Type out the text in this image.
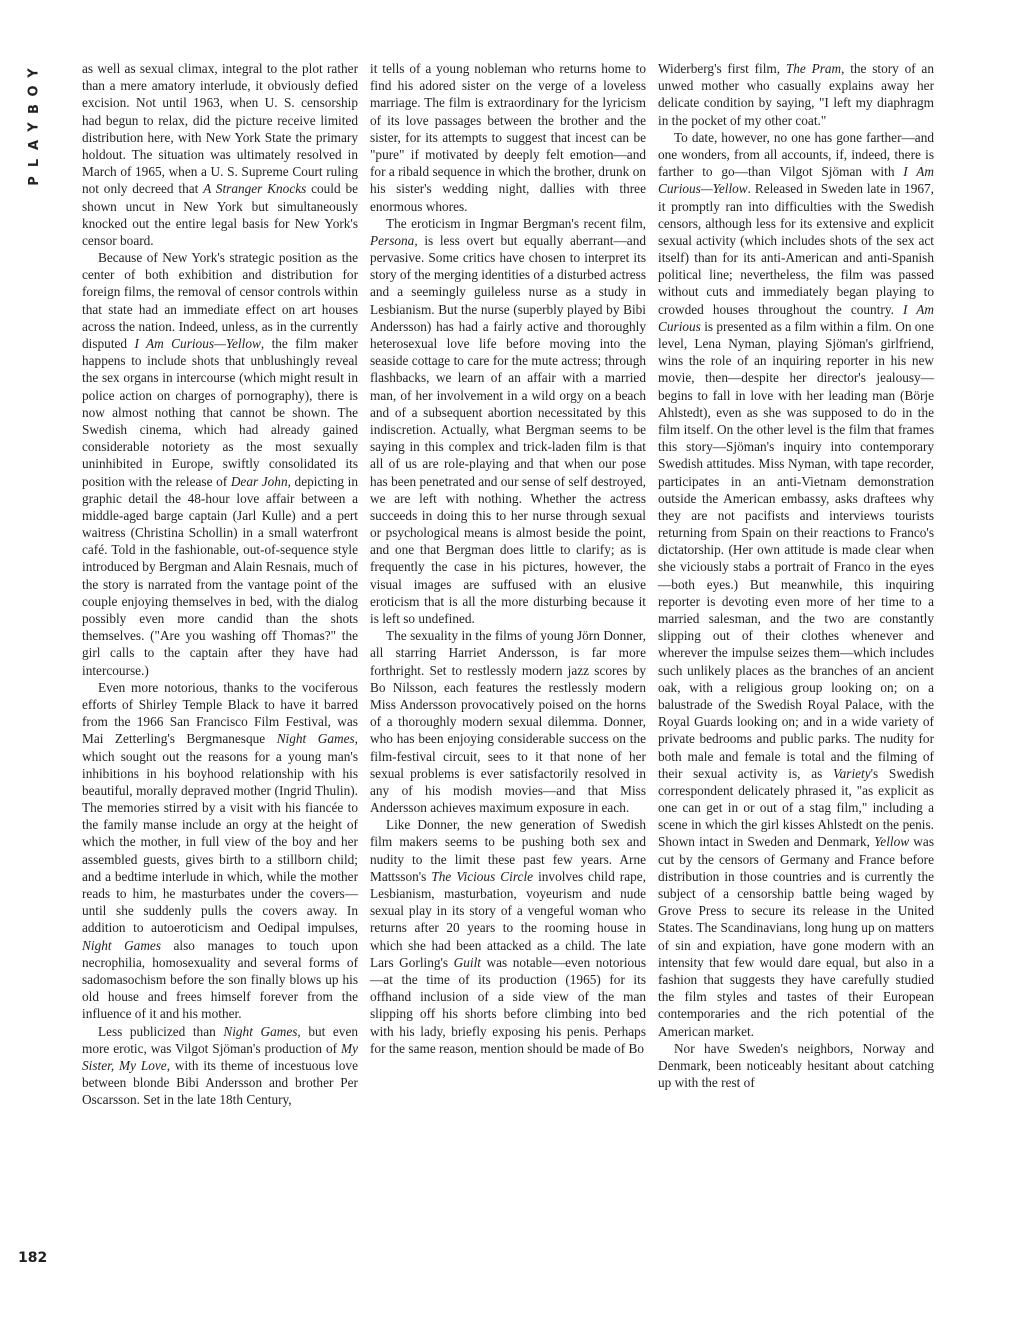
Y
O
B
Y
A
L
P
182

as well as sexual climax, integral to the plot rather than a mere amatory interlude, it obviously defied excision. Not until 1963, when U. S. censorship had begun to relax, did the picture receive limited distribution here, with New York State the primary holdout. The situation was ultimately resolved in March of 1965, when a U. S. Supreme Court ruling not only decreed that A Stranger Knocks could be shown uncut in New York but simultaneously knocked out the entire legal basis for New York's censor board.

Because of New York's strategic position as the center of both exhibition and distribution for foreign films, the removal of censor controls within that state had an immediate effect on art houses across the nation. Indeed, unless, as in the currently disputed I Am Curious—Yellow, the film maker happens to include shots that unblushingly reveal the sex organs in intercourse (which might result in police action on charges of pornography), there is now almost nothing that cannot be shown. The Swedish cinema, which had already gained considerable notoriety as the most sexually uninhibited in Europe, swiftly consolidated its position with the release of Dear John, depicting in graphic detail the 48-hour love affair between a middle-aged barge captain (Jarl Kulle) and a pert waitress (Christina Schollin) in a small waterfront café. Told in the fashionable, out-of-sequence style introduced by Bergman and Alain Resnais, much of the story is narrated from the vantage point of the couple enjoying themselves in bed, with the dialog possibly even more candid than the shots themselves. ("Are you washing off Thomas?" the girl calls to the captain after they have had intercourse.)

Even more notorious, thanks to the vociferous efforts of Shirley Temple Black to have it barred from the 1966 San Francisco Film Festival, was Mai Zetterling's Bergmanesque Night Games, which sought out the reasons for a young man's inhibitions in his boyhood relationship with his beautiful, morally depraved mother (Ingrid Thulin). The memories stirred by a visit with his fiancée to the family manse include an orgy at the height of which the mother, in full view of the boy and her assembled guests, gives birth to a stillborn child; and a bedtime interlude in which, while the mother reads to him, he masturbates under the covers—until she suddenly pulls the covers away. In addition to autoeroticism and Oedipal impulses, Night Games also manages to touch upon necrophilia, homosexuality and several forms of sadomasochism before the son finally blows up his old house and frees himself forever from the influence of it and his mother.

Less publicized than Night Games, but even more erotic, was Vilgot Sjöman's production of My Sister, My Love, with its theme of incestuous love between blonde Bibi Andersson and brother Per Oscarsson. Set in the late 18th Century,

it tells of a young nobleman who returns home to find his adored sister on the verge of a loveless marriage. The film is extraordinary for the lyricism of its love passages between the brother and the sister, for its attempts to suggest that incest can be "pure" if motivated by deeply felt emotion—and for a ribald sequence in which the brother, drunk on his sister's wedding night, dallies with three enormous whores.

The eroticism in Ingmar Bergman's recent film, Persona, is less overt but equally aberrant—and pervasive. Some critics have chosen to interpret its story of the merging identities of a disturbed actress and a seemingly guileless nurse as a study in Lesbianism. But the nurse (superbly played by Bibi Andersson) has had a fairly active and thoroughly heterosexual love life before moving into the seaside cottage to care for the mute actress; through flashbacks, we learn of an affair with a married man, of her involvement in a wild orgy on a beach and of a subsequent abortion necessitated by this indiscretion. Actually, what Bergman seems to be saying in this complex and trick-laden film is that all of us are role-playing and that when our pose has been penetrated and our sense of self destroyed, we are left with nothing. Whether the actress succeeds in doing this to her nurse through sexual or psychological means is almost beside the point, and one that Bergman does little to clarify; as is frequently the case in his pictures, however, the visual images are suffused with an elusive eroticism that is all the more disturbing because it is left so undefined.

The sexuality in the films of young Jörn Donner, all starring Harriet Andersson, is far more forthright. Set to restlessly modern jazz scores by Bo Nilsson, each features the restlessly modern Miss Andersson provocatively poised on the horns of a thoroughly modern sexual dilemma. Donner, who has been enjoying considerable success on the film-festival circuit, sees to it that none of her sexual problems is ever satisfactorily resolved in any of his modish movies—and that Miss Andersson achieves maximum exposure in each.

Like Donner, the new generation of Swedish film makers seems to be pushing both sex and nudity to the limit these past few years. Arne Mattsson's The Vicious Circle involves child rape, Lesbianism, masturbation, voyeurism and nude sexual play in its story of a vengeful woman who returns after 20 years to the rooming house in which she had been attacked as a child. The late Lars Gorling's Guilt was notable—even notorious—at the time of its production (1965) for its offhand inclusion of a side view of the man slipping off his shorts before climbing into bed with his lady, briefly exposing his penis. Perhaps for the same reason, mention should be made of Bo

Widerberg's first film, The Pram, the story of an unwed mother who casually explains away her delicate condition by saying, "I left my diaphragm in the pocket of my other coat."

To date, however, no one has gone farther—and one wonders, from all accounts, if, indeed, there is farther to go—than Vilgot Sjöman with I Am Curious—Yellow. Released in Sweden late in 1967, it promptly ran into difficulties with the Swedish censors, although less for its extensive and explicit sexual activity (which includes shots of the sex act itself) than for its anti-American and anti-Spanish political line; nevertheless, the film was passed without cuts and immediately began playing to crowded houses throughout the country. I Am Curious is presented as a film within a film. On one level, Lena Nyman, playing Sjöman's girlfriend, wins the role of an inquiring reporter in his new movie, then—despite her director's jealousy—begins to fall in love with her leading man (Börje Ahlstedt), even as she was supposed to do in the film itself. On the other level is the film that frames this story—Sjöman's inquiry into contemporary Swedish attitudes. Miss Nyman, with tape recorder, participates in an anti-Vietnam demonstration outside the American embassy, asks draftees why they are not pacifists and interviews tourists returning from Spain on their reactions to Franco's dictatorship. (Her own attitude is made clear when she viciously stabs a portrait of Franco in the eyes—both eyes.) But meanwhile, this inquiring reporter is devoting even more of her time to a married salesman, and the two are constantly slipping out of their clothes whenever and wherever the impulse seizes them—which includes such unlikely places as the branches of an ancient oak, with a religious group looking on; on a balustrade of the Swedish Royal Palace, with the Royal Guards looking on; and in a wide variety of private bedrooms and public parks. The nudity for both male and female is total and the filming of their sexual activity is, as Variety's Swedish correspondent delicately phrased it, "as explicit as one can get in or out of a stag film," including a scene in which the girl kisses Ahlstedt on the penis. Shown intact in Sweden and Denmark, Yellow was cut by the censors of Germany and France before distribution in those countries and is currently the subject of a censorship battle being waged by Grove Press to secure its release in the United States. The Scandinavians, long hung up on matters of sin and expiation, have gone modern with an intensity that few would dare equal, but also in a fashion that suggests they have carefully studied the film styles and tastes of their European contemporaries and the rich potential of the American market.

Nor have Sweden's neighbors, Norway and Denmark, been noticeably hesitant about catching up with the rest of
